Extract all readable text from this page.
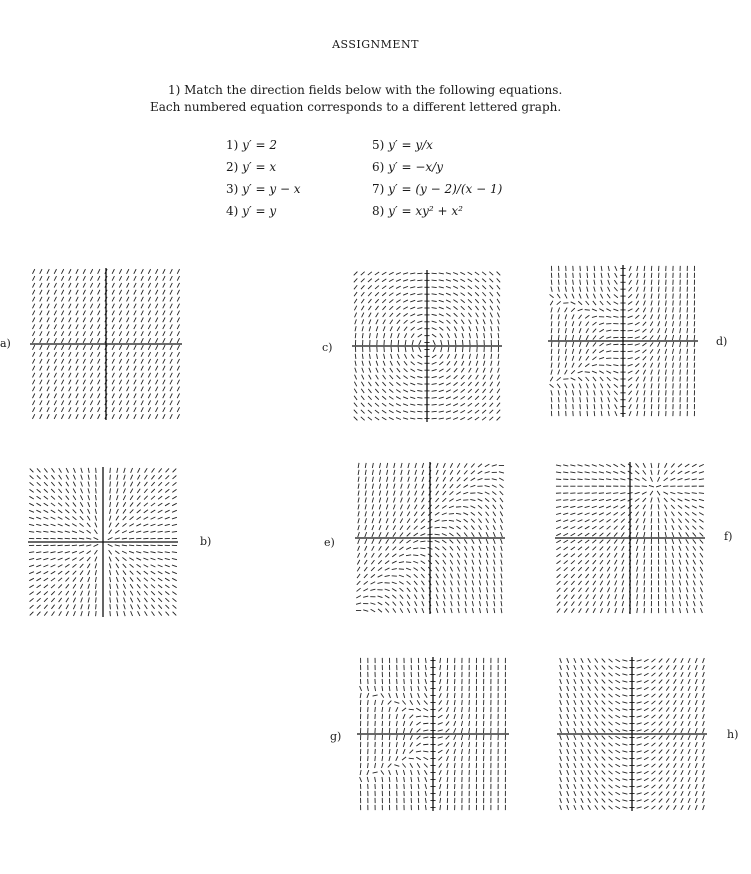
ASSIGNMENT
1) Match the direction fields below with the following equations.
Each numbered equation corresponds to a different lettered graph.
1) y′ = 2
2) y′ = x
3) y′ = y − x
4) y′ = y
5) y′ = y/x
6) y′ = −x/y
7) y′ = (y − 2)/(x − 1)
8) y′ = xy² + x²
a)
b)
c)	d)
e)	f)
g)	h)
